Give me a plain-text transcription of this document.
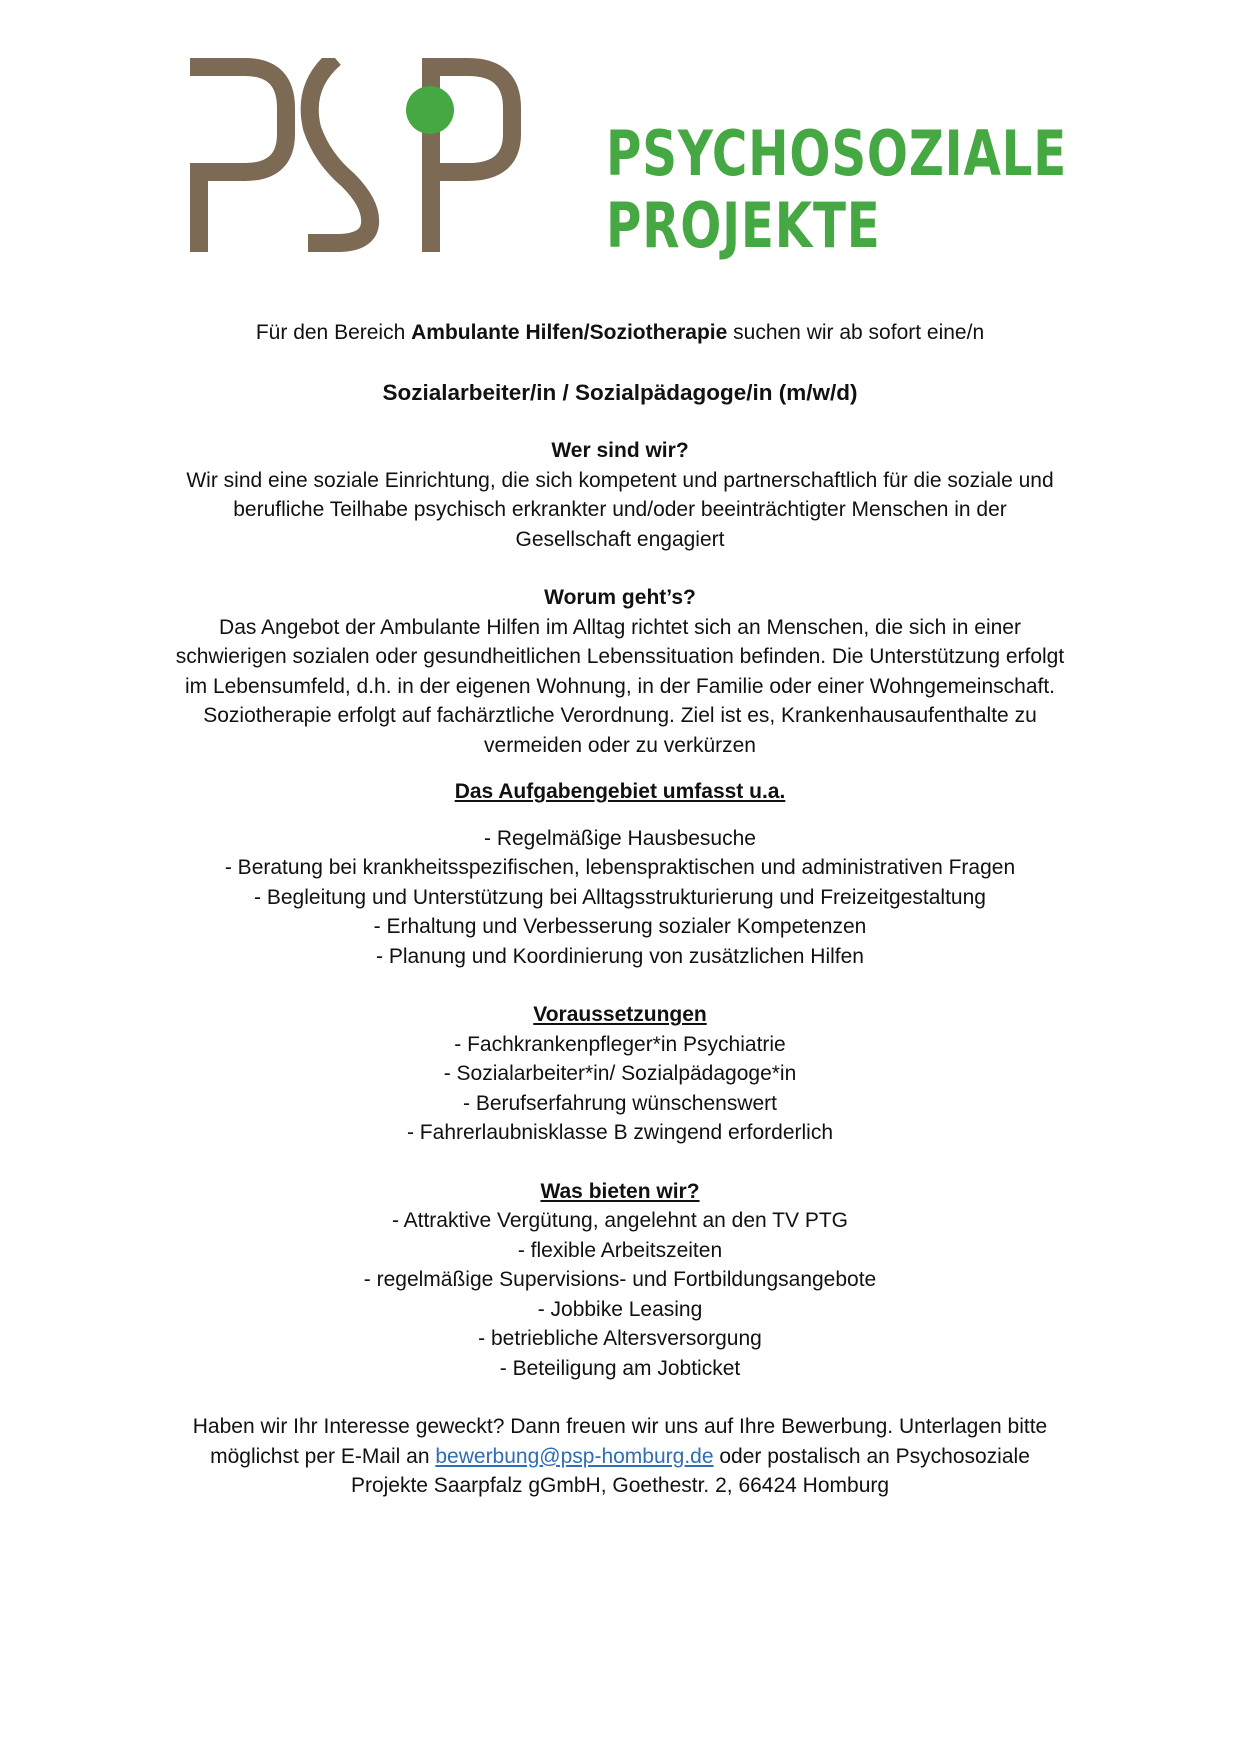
PSYCHOSOZIALE
PROJEKTE

Für den Bereich Ambulante Hilfen/Soziotherapie suchen wir ab sofort eine/n

Sozialarbeiter/in / Sozialpädagoge/in (m/w/d)

Wer sind wir?

Wir sind eine soziale Einrichtung, die sich kompetent und partnerschaftlich für die soziale und

berufliche Teilhabe psychisch erkrankter und/oder beeinträchtigter Menschen in der

Gesellschaft engagiert

Worum geht’s?

Das Angebot der Ambulante Hilfen im Alltag richtet sich an Menschen, die sich in einer

schwierigen sozialen oder gesundheitlichen Lebenssituation befinden. Die Unterstützung erfolgt

im Lebensumfeld, d.h. in der eigenen Wohnung, in der Familie oder einer Wohngemeinschaft.

Soziotherapie erfolgt auf fachärztliche Verordnung. Ziel ist es, Krankenhausaufenthalte zu

vermeiden oder zu verkürzen

Das Aufgabengebiet umfasst u.a.

- Regelmäßige Hausbesuche

- Beratung bei krankheitsspezifischen, lebenspraktischen und administrativen Fragen

- Begleitung und Unterstützung bei Alltagsstrukturierung und Freizeitgestaltung

- Erhaltung und Verbesserung sozialer Kompetenzen

- Planung und Koordinierung von zusätzlichen Hilfen

Voraussetzungen

- Fachkrankenpfleger*in Psychiatrie

- Sozialarbeiter*in/ Sozialpädagoge*in

- Berufserfahrung wünschenswert

- Fahrerlaubnisklasse B zwingend erforderlich

Was bieten wir?

- Attraktive Vergütung, angelehnt an den TV PTG

- flexible Arbeitszeiten

- regelmäßige Supervisions- und Fortbildungsangebote

- Jobbike Leasing

- betriebliche Altersversorgung

- Beteiligung am Jobticket

Haben wir Ihr Interesse geweckt? Dann freuen wir uns auf Ihre Bewerbung. Unterlagen bitte

möglichst per E-Mail an bewerbung@psp-homburg.de oder postalisch an Psychosoziale

Projekte Saarpfalz gGmbH, Goethestr. 2, 66424 Homburg
